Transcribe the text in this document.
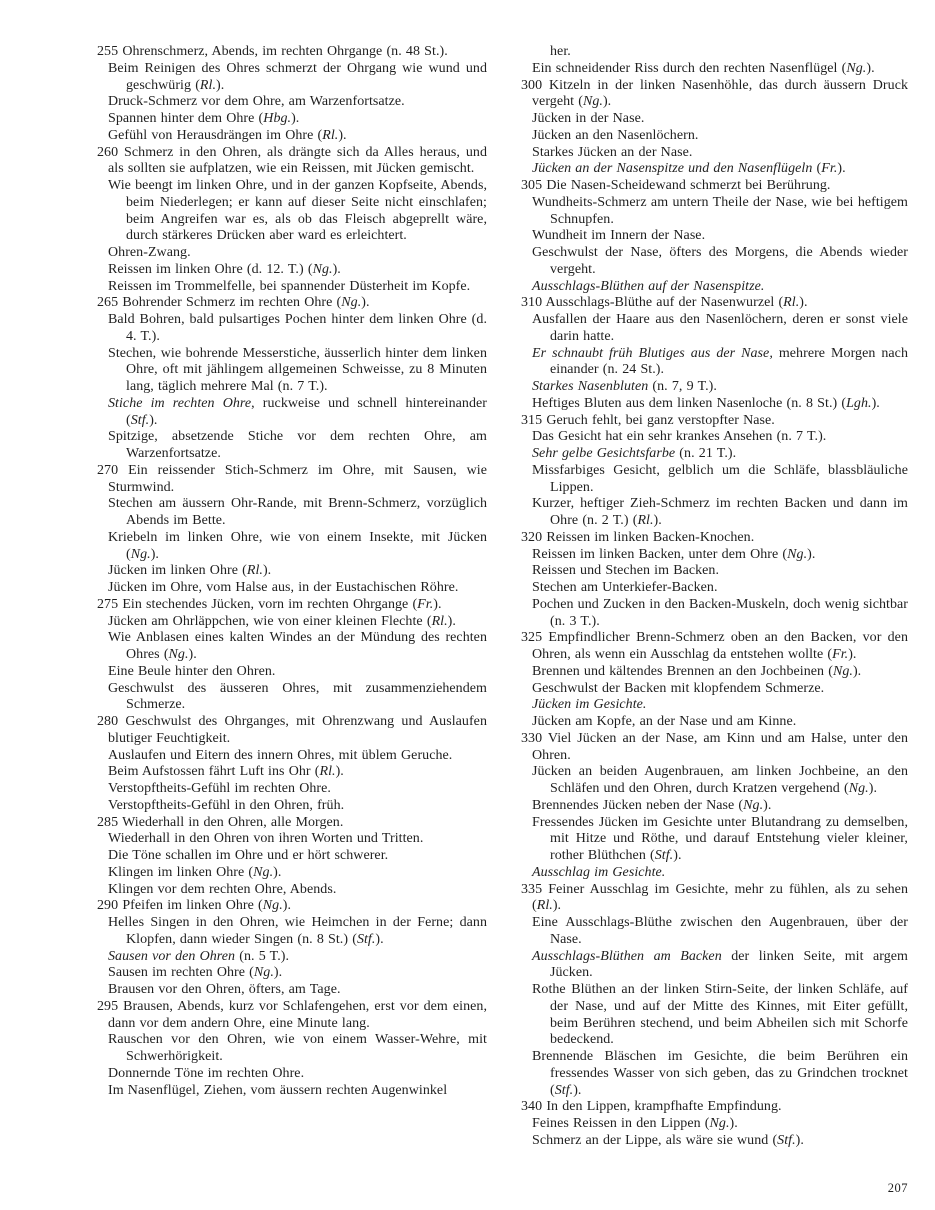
255 Ohrenschmerz, Abends, im rechten Ohrgange (n. 48 St.).

Beim Reinigen des Ohres schmerzt der Ohrgang wie wund und geschwürig (Rl.).

Druck-Schmerz vor dem Ohre, am Warzenfortsatze.

Spannen hinter dem Ohre (Hbg.).

Gefühl von Herausdrängen im Ohre (Rl.).

260 Schmerz in den Ohren, als drängte sich da Alles heraus, und als sollten sie aufplatzen, wie ein Reissen, mit Jücken gemischt.

Wie beengt im linken Ohre, und in der ganzen Kopfseite, Abends, beim Niederlegen; er kann auf dieser Seite nicht einschlafen; beim Angreifen war es, als ob das Fleisch abgeprellt wäre, durch stärkeres Drücken aber ward es erleichtert.

Ohren-Zwang.

Reissen im linken Ohre (d. 12. T.) (Ng.).

Reissen im Trommelfelle, bei spannender Düsterheit im Kopfe.

265 Bohrender Schmerz im rechten Ohre (Ng.).

Bald Bohren, bald pulsartiges Pochen hinter dem linken Ohre (d. 4. T.).

Stechen, wie bohrende Messerstiche, äusserlich hinter dem linken Ohre, oft mit jählingem allgemeinen Schweisse, zu 8 Minuten lang, täglich mehrere Mal (n. 7 T.).

Stiche im rechten Ohre, ruckweise und schnell hintereinander (Stf.).

Spitzige, absetzende Stiche vor dem rechten Ohre, am Warzenfortsatze.

270 Ein reissender Stich-Schmerz im Ohre, mit Sausen, wie Sturmwind.

Stechen am äussern Ohr-Rande, mit Brenn-Schmerz, vorzüglich Abends im Bette.

Kriebeln im linken Ohre, wie von einem Insekte, mit Jücken (Ng.).

Jücken im linken Ohre (Rl.).

Jücken im Ohre, vom Halse aus, in der Eustachischen Röhre.

275 Ein stechendes Jücken, vorn im rechten Ohrgange (Fr.).

Jücken am Ohrläppchen, wie von einer kleinen Flechte (Rl.).

Wie Anblasen eines kalten Windes an der Mündung des rechten Ohres (Ng.).

Eine Beule hinter den Ohren.

Geschwulst des äusseren Ohres, mit zusammenziehendem Schmerze.

280 Geschwulst des Ohrganges, mit Ohrenzwang und Auslaufen blutiger Feuchtigkeit.

Auslaufen und Eitern des innern Ohres, mit üblem Geruche.

Beim Aufstossen fährt Luft ins Ohr (Rl.).

Verstopftheits-Gefühl im rechten Ohre.

Verstopftheits-Gefühl in den Ohren, früh.

285 Wiederhall in den Ohren, alle Morgen.

Wiederhall in den Ohren von ihren Worten und Tritten.

Die Töne schallen im Ohre und er hört schwerer.

Klingen im linken Ohre (Ng.).

Klingen vor dem rechten Ohre, Abends.

290 Pfeifen im linken Ohre (Ng.).

Helles Singen in den Ohren, wie Heimchen in der Ferne; dann Klopfen, dann wieder Singen (n. 8 St.) (Stf.).

Sausen vor den Ohren (n. 5 T.).

Sausen im rechten Ohre (Ng.).

Brausen vor den Ohren, öfters, am Tage.

295 Brausen, Abends, kurz vor Schlafengehen, erst vor dem einen, dann vor dem andern Ohre, eine Minute lang.

Rauschen vor den Ohren, wie von einem Wasser-Wehre, mit Schwerhörigkeit.

Donnernde Töne im rechten Ohre.

Im Nasenflügel, Ziehen, vom äussern rechten Augenwinkel

her.

Ein schneidender Riss durch den rechten Nasenflügel (Ng.).

300 Kitzeln in der linken Nasenhöhle, das durch äussern Druck vergeht (Ng.).

Jücken in der Nase.

Jücken an den Nasenlöchern.

Starkes Jücken an der Nase.

Jücken an der Nasenspitze und den Nasenflügeln (Fr.).

305 Die Nasen-Scheidewand schmerzt bei Berührung.

Wundheits-Schmerz am untern Theile der Nase, wie bei heftigem Schnupfen.

Wundheit im Innern der Nase.

Geschwulst der Nase, öfters des Morgens, die Abends wieder vergeht.

Ausschlags-Blüthen auf der Nasenspitze.

310 Ausschlags-Blüthe auf der Nasenwurzel (Rl.).

Ausfallen der Haare aus den Nasenlöchern, deren er sonst viele darin hatte.

Er schnaubt früh Blutiges aus der Nase, mehrere Morgen nach einander (n. 24 St.).

Starkes Nasenbluten (n. 7, 9 T.).

Heftiges Bluten aus dem linken Nasenloche (n. 8 St.) (Lgh.).

315 Geruch fehlt, bei ganz verstopfter Nase.

Das Gesicht hat ein sehr krankes Ansehen (n. 7 T.).

Sehr gelbe Gesichtsfarbe (n. 21 T.).

Missfarbiges Gesicht, gelblich um die Schläfe, blassbläuliche Lippen.

Kurzer, heftiger Zieh-Schmerz im rechten Backen und dann im Ohre (n. 2 T.) (Rl.).

320 Reissen im linken Backen-Knochen.

Reissen im linken Backen, unter dem Ohre (Ng.).

Reissen und Stechen im Backen.

Stechen am Unterkiefer-Backen.

Pochen und Zucken in den Backen-Muskeln, doch wenig sichtbar (n. 3 T.).

325 Empfindlicher Brenn-Schmerz oben an den Backen, vor den Ohren, als wenn ein Ausschlag da entstehen wollte (Fr.).

Brennen und kältendes Brennen an den Jochbeinen (Ng.).

Geschwulst der Backen mit klopfendem Schmerze.

Jücken im Gesichte.

Jücken am Kopfe, an der Nase und am Kinne.

330 Viel Jücken an der Nase, am Kinn und am Halse, unter den Ohren.

Jücken an beiden Augenbrauen, am linken Jochbeine, an den Schläfen und den Ohren, durch Kratzen vergehend (Ng.).

Brennendes Jücken neben der Nase (Ng.).

Fressendes Jücken im Gesichte unter Blutandrang zu demselben, mit Hitze und Röthe, und darauf Entstehung vieler kleiner, rother Blüthchen (Stf.).

Ausschlag im Gesichte.

335 Feiner Ausschlag im Gesichte, mehr zu fühlen, als zu sehen (Rl.).

Eine Ausschlags-Blüthe zwischen den Augenbrauen, über der Nase.

Ausschlags-Blüthen am Backen der linken Seite, mit argem Jücken.

Rothe Blüthen an der linken Stirn-Seite, der linken Schläfe, auf der Nase, und auf der Mitte des Kinnes, mit Eiter gefüllt, beim Berühren stechend, und beim Abheilen sich mit Schorfe bedeckend.

Brennende Bläschen im Gesichte, die beim Berühren ein fressendes Wasser von sich geben, das zu Grindchen trocknet (Stf.).

340 In den Lippen, krampfhafte Empfindung.

Feines Reissen in den Lippen (Ng.).

Schmerz an der Lippe, als wäre sie wund (Stf.).

207
